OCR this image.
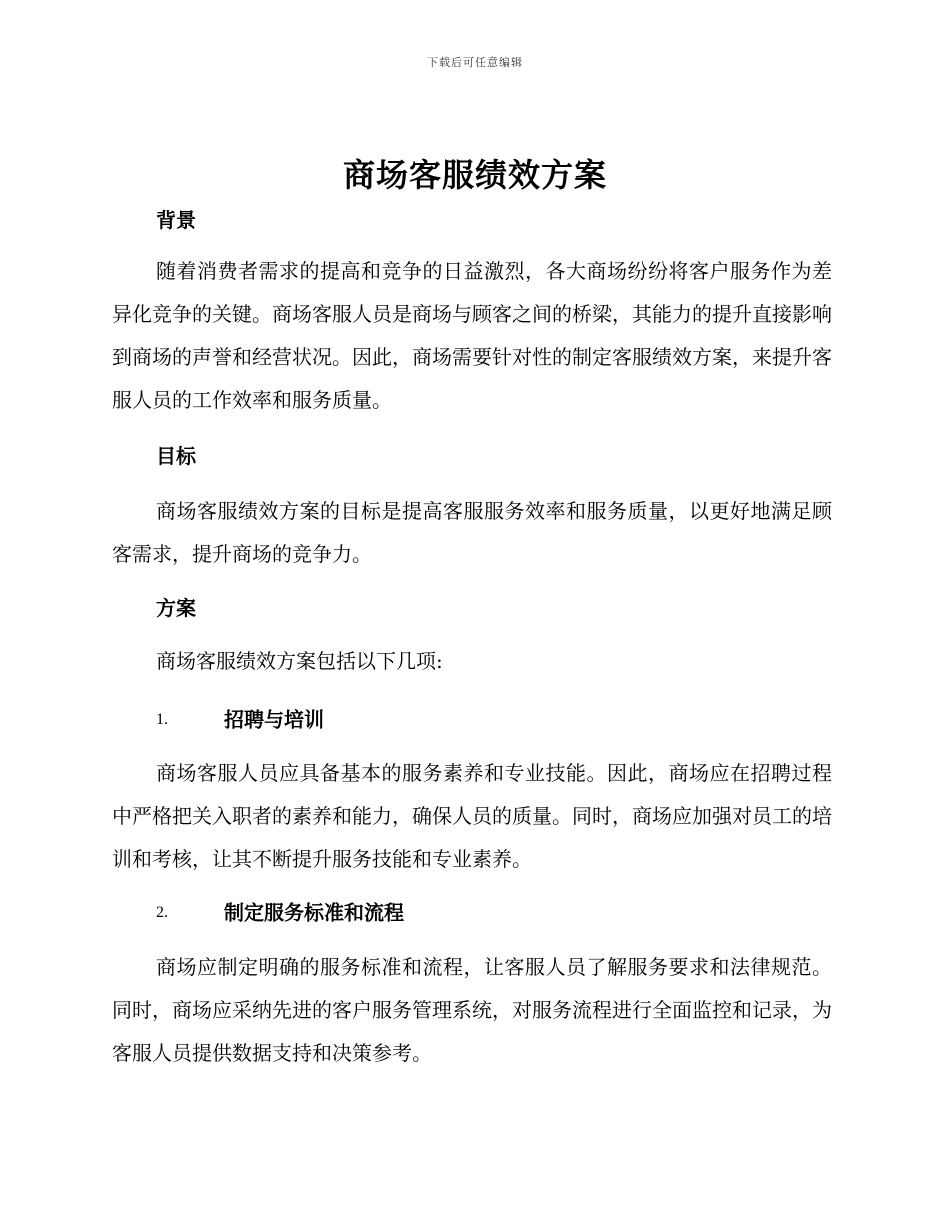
下载后可任意编辑
商场客服绩效方案
背景
随着消费者需求的提高和竞争的日益激烈，各大商场纷纷将客户服务作为差异化竞争的关键。商场客服人员是商场与顾客之间的桥梁，其能力的提升直接影响到商场的声誉和经营状况。因此，商场需要针对性的制定客服绩效方案，来提升客服人员的工作效率和服务质量。
目标
商场客服绩效方案的目标是提高客服服务效率和服务质量，以更好地满足顾客需求，提升商场的竞争力。
方案
商场客服绩效方案包括以下几项:
1.	招聘与培训
商场客服人员应具备基本的服务素养和专业技能。因此，商场应在招聘过程中严格把关入职者的素养和能力，确保人员的质量。同时，商场应加强对员工的培训和考核，让其不断提升服务技能和专业素养。
2.	制定服务标准和流程
商场应制定明确的服务标准和流程，让客服人员了解服务要求和法律规范。同时，商场应采纳先进的客户服务管理系统，对服务流程进行全面监控和记录，为客服人员提供数据支持和决策参考。
